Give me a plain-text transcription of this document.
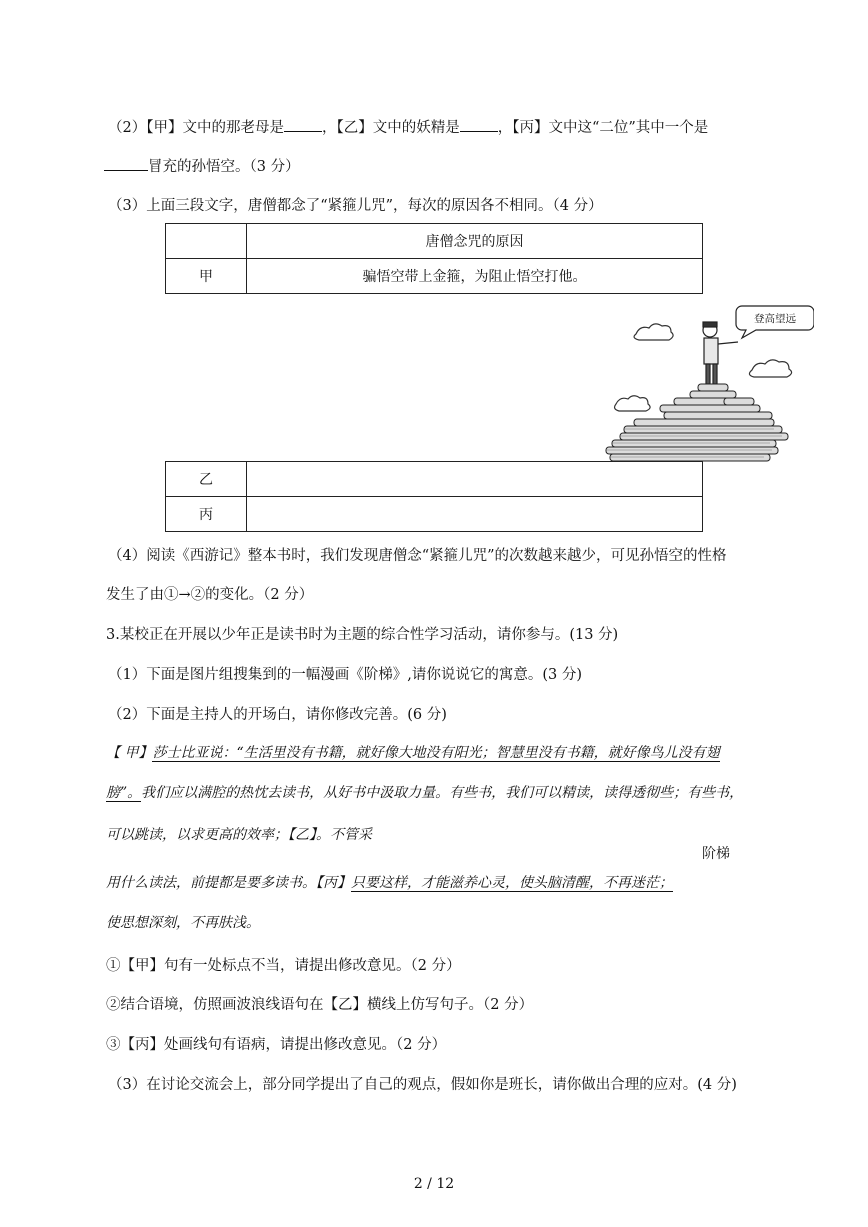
（2）【甲】文中的那老母是	，【乙】文中的妖精是	，【丙】文中这“二位”其中一个是
冒充的孙悟空。（3 分）
（3）上面三段文字，唐僧都念了“紧箍儿咒”，每次的原因各不相同。（4 分）
	唐僧念咒的原因
甲	骗悟空带上金箍，为阻止悟空打他。
登高望远
乙	
丙	
（4）阅读《西游记》整本书时，我们发现唐僧念“紧箍儿咒”的次数越来越少，可见孙悟空的性格
发生了由①→②的变化。（2 分）
3.某校正在开展以少年正是读书时为主题的综合性学习活动，请你参与。(13 分)
（1）下面是图片组搜集到的一幅漫画《阶梯》,请你说说它的寓意。(3 分)
（2）下面是主持人的开场白，请你修改完善。(6 分)
【 甲】莎士比亚说：“生活里没有书籍，就好像大地没有阳光；智慧里没有书籍，就好像鸟儿没有翅
膀”。我们应以满腔的热忱去读书，从好书中汲取力量。有些书，我们可以精读，读得透彻些；有些书，
可以跳读，以求更高的效率；【乙】。不管采
阶梯
用什么读法，前提都是要多读书。【丙】只要这样，才能滋养心灵，使头脑清醒，不再迷茫；
使思想深刻，不再肤浅。
①【甲】句有一处标点不当，请提出修改意见。（2 分）
②结合语境，仿照画波浪线语句在【乙】横线上仿写句子。（2 分）
③【丙】处画线句有语病，请提出修改意见。（2 分）
（3）在讨论交流会上，部分同学提出了自己的观点，假如你是班长，请你做出合理的应对。(4 分)
2 / 12
